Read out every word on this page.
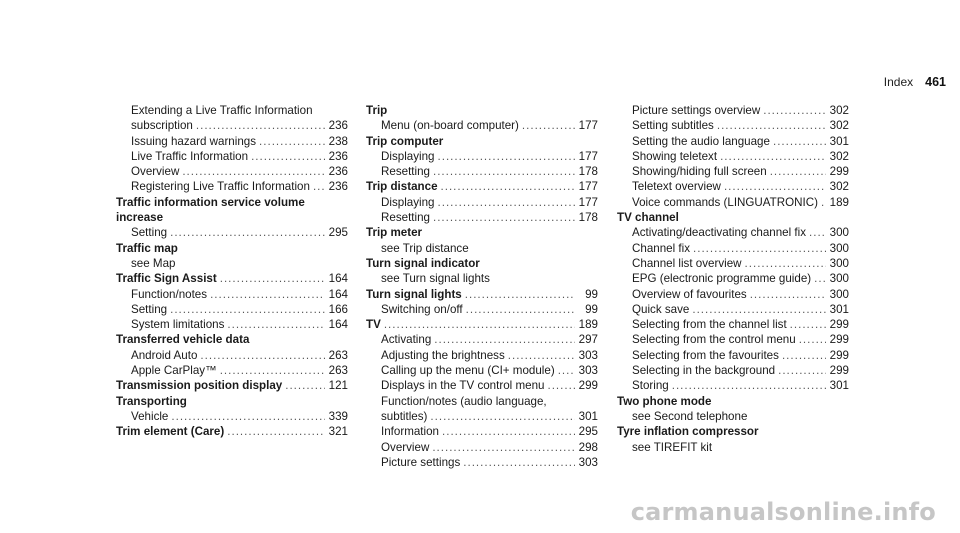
Index 461
Extending a Live Traffic Information
subscription .....	236
Issuing hazard warnings .....	238
Live Traffic Information .....	236
Overview .....	236
Registering Live Traffic Information ..... 236
Traffic information service volume
increase
Setting .....	295
Traffic map
see Map
Traffic Sign Assist .....	164
Function/notes .....	164
Setting .....	166
System limitations .....	164
Transferred vehicle data
Android Auto .....	263
Apple CarPlay™ .....	263
Transmission position display .....	121
Transporting
Vehicle .....	339
Trim element (Care) .....	321
Trip
Menu (on-board computer) .....	177
Trip computer
Displaying .....	177
Resetting .....	178
Trip distance .....	177
Displaying .....	177
Resetting .....	178
Trip meter
see Trip distance
Turn signal indicator
see Turn signal lights
Turn signal lights .....	99
Switching on/off .....	99
TV .....	189
Activating .....	297
Adjusting the brightness .....	303
Calling up the menu (CI+ module) ..... 303
Displays in the TV control menu .....	299
Function/notes (audio language,
subtitles) .....	301
Information .....	295
Overview .....	298
Picture settings .....	303
Picture settings overview .....	302
Setting subtitles .....	302
Setting the audio language .....	301
Showing teletext .....	302
Showing/hiding full screen .....	299
Teletext overview .....	302
Voice commands (LINGUATRONIC) ..... 189
TV channel
Activating/deactivating channel fix ..... 300
Channel fix .....	300
Channel list overview .....	300
EPG (electronic programme guide) ..... 300
Overview of favourites .....	300
Quick save .....	301
Selecting from the channel list .....	299
Selecting from the control menu .....	299
Selecting from the favourites .....	299
Selecting in the background .....	299
Storing .....	301
Two phone mode
see Second telephone
Tyre inflation compressor
see TIREFIT kit
carmanualsonline.info
